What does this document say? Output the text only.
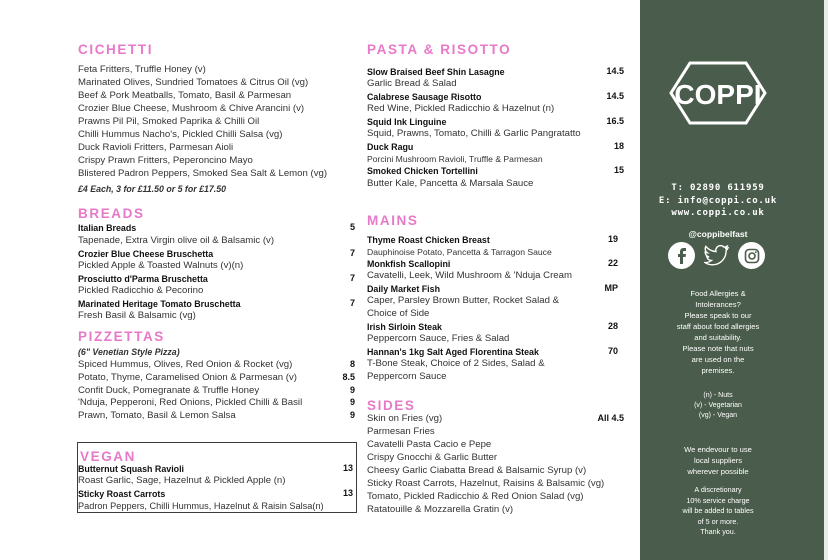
CICHETTI
Feta Fritters, Truffle Honey (v)
Marinated Olives, Sundried Tomatoes & Citrus Oil (vg)
Beef & Pork Meatballs, Tomato, Basil & Parmesan
Crozier Blue Cheese, Mushroom & Chive Arancini (v)
Prawns Pil Pil, Smoked Paprika & Chilli Oil
Chilli Hummus Nacho's, Pickled Chilli Salsa (vg)
Duck Ravioli Fritters, Parmesan Aioli
Crispy Prawn Fritters, Peperoncino Mayo
Blistered Padron Peppers, Smoked Sea Salt & Lemon (vg)
£4 Each, 3 for £11.50 or 5 for £17.50
BREADS
Italian Breads	5
Tapenade, Extra Virgin olive oil & Balsamic (v)
Crozier Blue Cheese Bruschetta	7
Pickled Apple & Toasted Walnuts (v)(n)
Prosciutto d'Parma Bruschetta	7
Pickled Radicchio & Pecorino
Marinated Heritage Tomato Bruschetta	7
Fresh Basil & Balsamic (vg)
PIZZETTAS
(6" Venetian Style Pizza)
Spiced Hummus, Olives, Red Onion & Rocket (vg)	8
Potato, Thyme, Caramelised Onion & Parmesan (v)	8.5
Confit Duck, Pomegranate & Truffle Honey	9
'Nduja, Pepperoni, Red Onions, Pickled Chilli & Basil	9
Prawn, Tomato, Basil & Lemon Salsa	9
VEGAN
Butternut Squash Ravioli	13
Roast Garlic, Sage, Hazelnut & Pickled Apple (n)
Sticky Roast Carrots	13
Padron Peppers, Chilli Hummus, Hazelnut & Raisin Salsa(n)
PASTA & RISOTTO
Slow Braised Beef Shin Lasagne	14.5
Garlic Bread & Salad
Calabrese Sausage Risotto	14.5
Red Wine, Pickled Radicchio & Hazelnut (n)
Squid Ink Linguine	16.5
Squid, Prawns, Tomato, Chilli & Garlic Pangratatto
Duck Ragu	18
Porcini Mushroom Ravioli, Truffle & Parmesan
Smoked Chicken Tortellini	15
Butter Kale, Pancetta & Marsala Sauce
MAINS
Thyme Roast Chicken Breast	19
Dauphinoise Potato, Pancetta & Tarragon Sauce
Monkfish Scallopini	22
Cavatelli, Leek, Wild Mushroom & 'Nduja Cream
Daily Market Fish	MP
Caper, Parsley Brown Butter, Rocket Salad &
Choice of Side
Irish Sirloin Steak	28
Peppercorn Sauce, Fries & Salad
Hannan's 1kg Salt Aged Florentina Steak	70
T-Bone Steak, Choice of 2 Sides, Salad &
Peppercorn Sauce
SIDES
All 4.5
Skin on Fries (vg)
Parmesan Fries
Cavatelli Pasta Cacio e Pepe
Crispy Gnocchi & Garlic Butter
Cheesy Garlic Ciabatta Bread & Balsamic Syrup (v)
Sticky Roast Carrots, Hazelnut, Raisins & Balsamic (vg)
Tomato, Pickled Radicchio & Red Onion Salad (vg)
Ratatouille & Mozzarella Gratin (v)
COPPI
T: 02890 611959
E: info@coppi.co.uk
www.coppi.co.uk
@coppibelfast
Food Allergies &
Intolerances?
Please speak to our
staff about food allergies
and suitability.
Please note that nuts
are used on the
premises.
(n) - Nuts
(v) - Vegetarian
(vg) - Vegan
We endevour to use
local suppliers
wherever possible
A discretionary
10% service charge
will be added to tables
of 5 or more.
Thank you.
